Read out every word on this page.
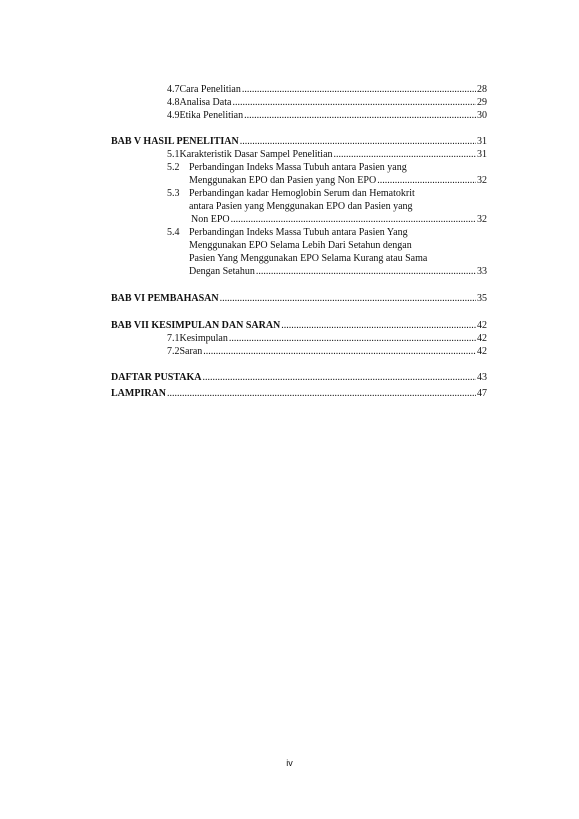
4.7 Cara Penelitian .....	28
4.8 Analisa Data .....	29
4.9 Etika Penelitian .....	30
BAB V HASIL PENELITIAN .....	31
5.1 Karakteristik Dasar Sampel Penelitian .....	31
5.2 Perbandingan Indeks Massa Tubuh antara Pasien yang
Menggunakan EPO dan Pasien yang Non EPO .....	32
5.3 Perbandingan kadar Hemoglobin Serum dan Hematokrit
antara Pasien yang Menggunakan EPO dan Pasien yang
Non EPO .....	32
5.4 Perbandingan Indeks Massa Tubuh antara Pasien Yang
Menggunakan EPO Selama Lebih Dari Setahun dengan
Pasien Yang Menggunakan EPO Selama Kurang atau Sama
Dengan Setahun .....	33
BAB VI PEMBAHASAN .....	35
BAB VII KESIMPULAN DAN SARAN .....	42
7.1 Kesimpulan .....	42
7.2 Saran .....	42
DAFTAR PUSTAKA .....	43
LAMPIRAN .....	47
iv
